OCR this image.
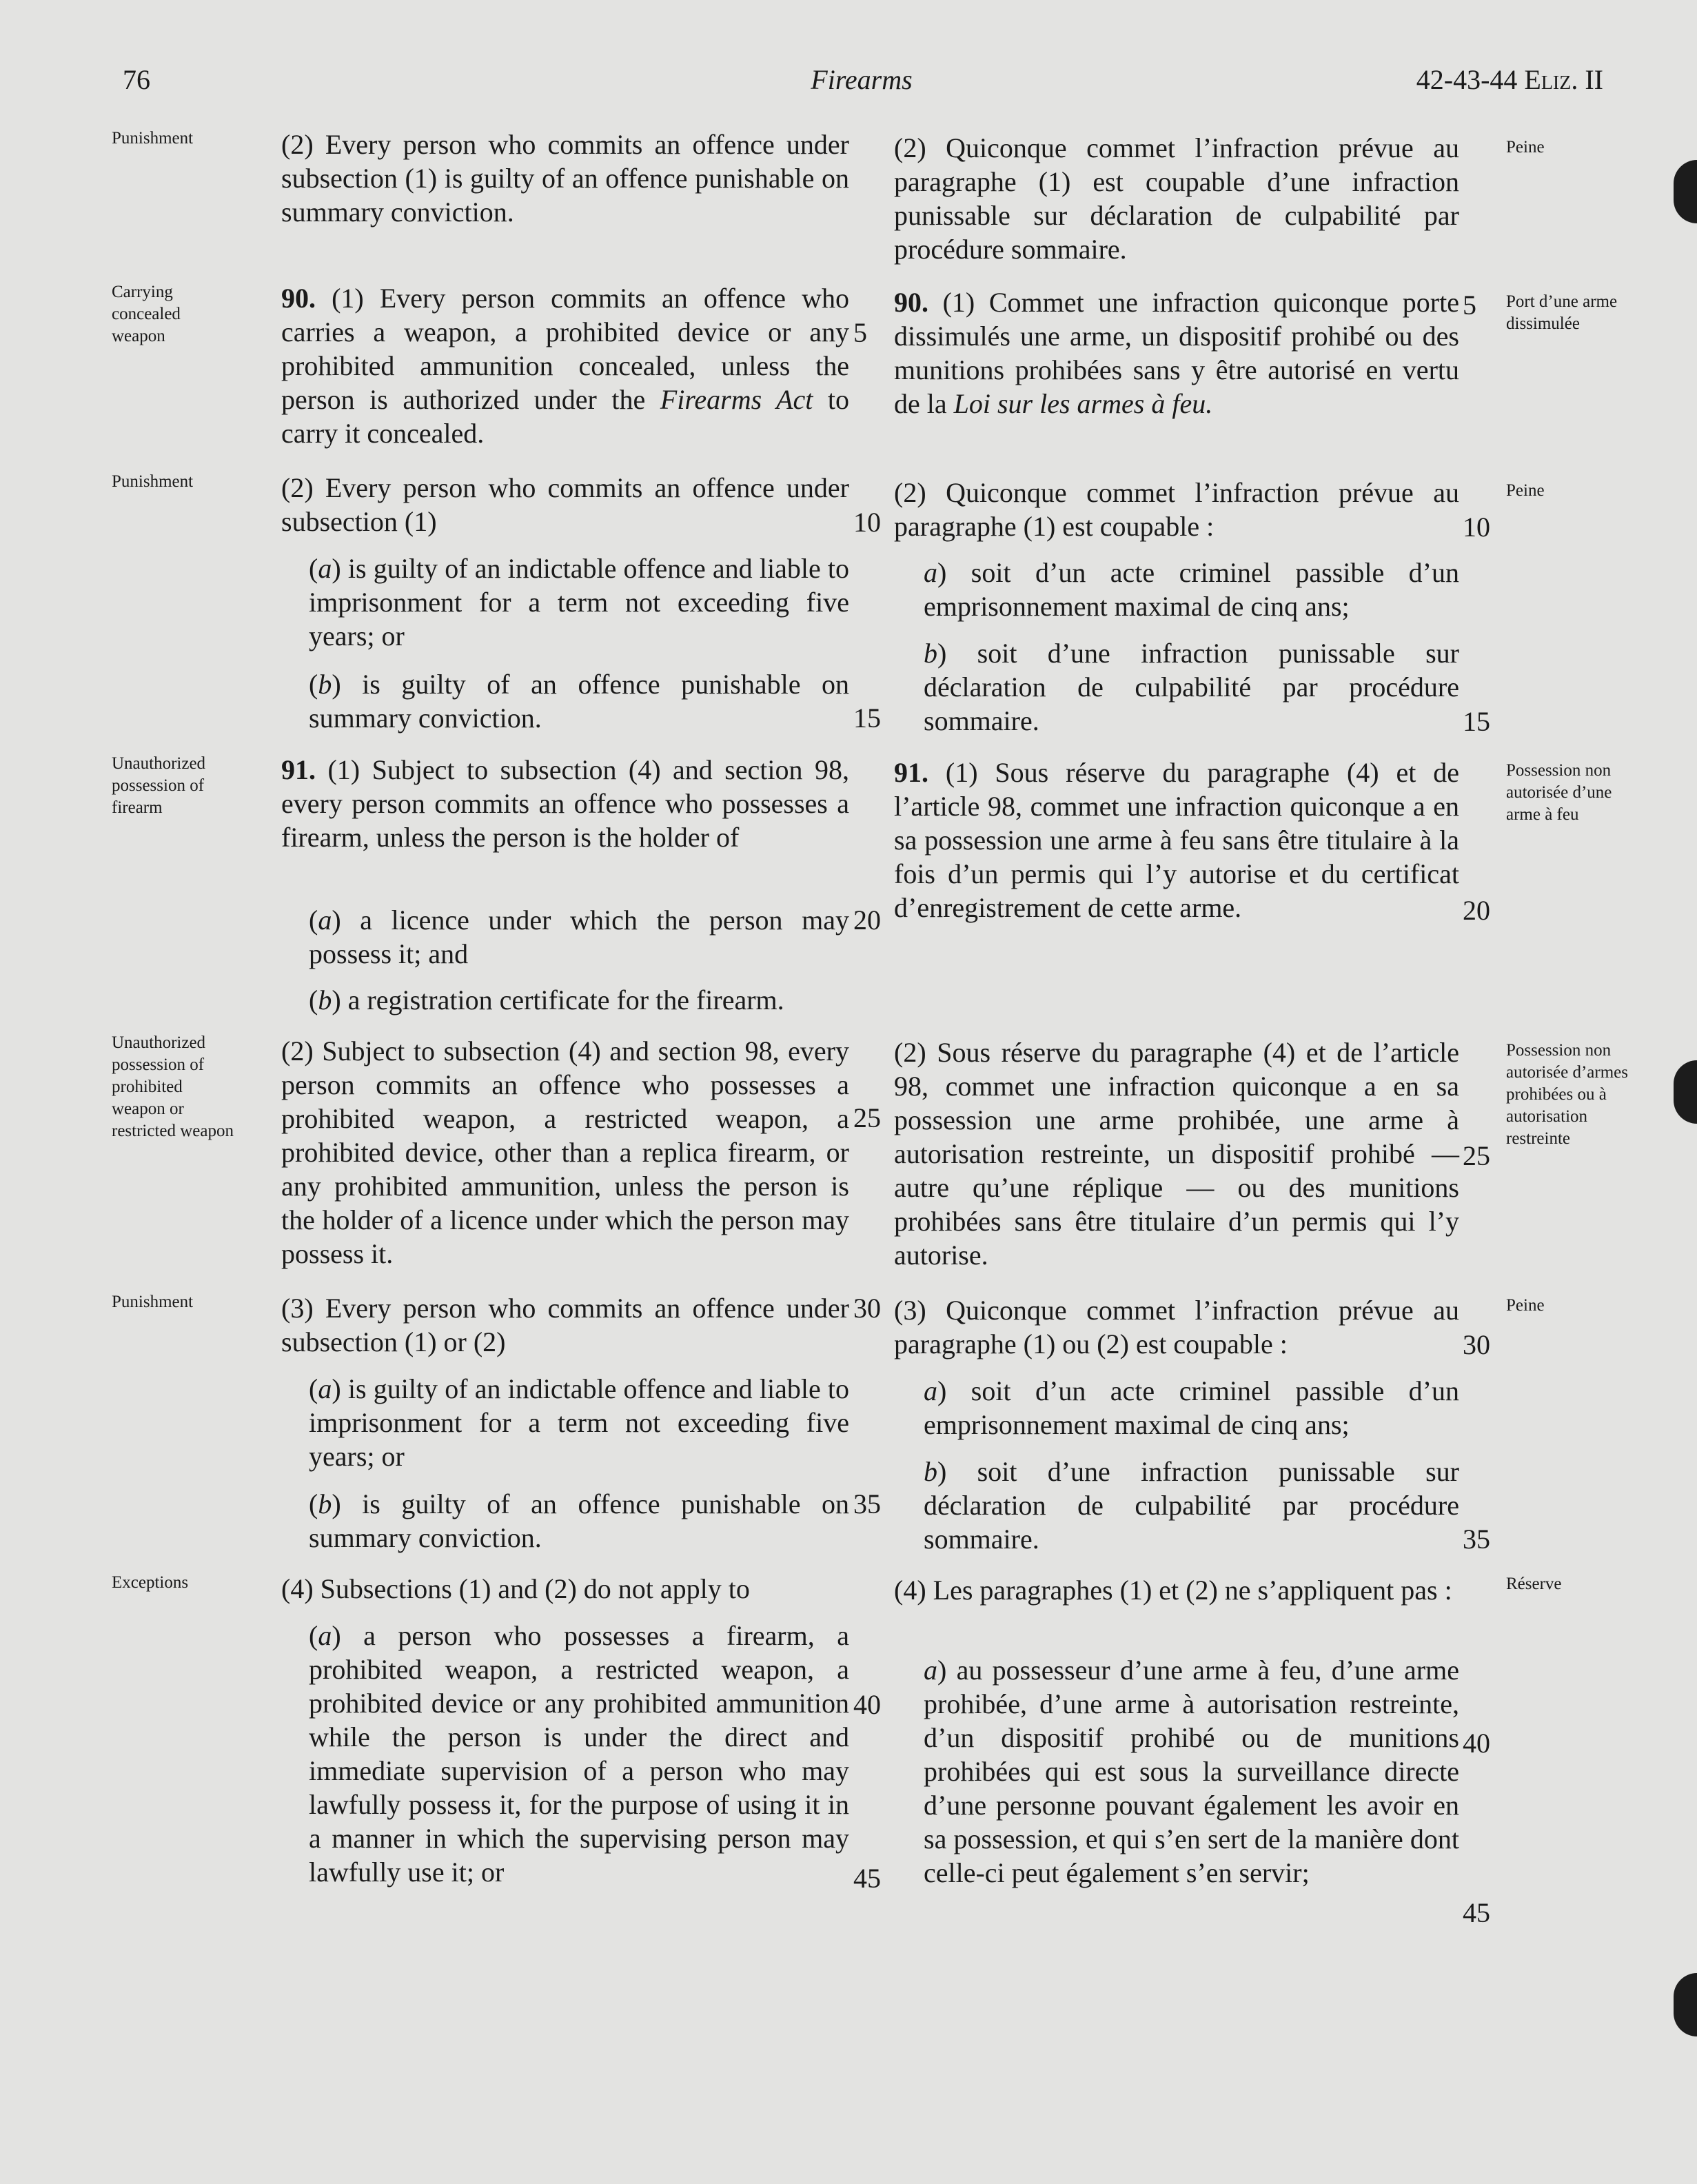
76	Firearms	42-43-44 Eliz. II
Punishment
Carrying concealed weapon
Punishment
Unauthorized possession of firearm
Unauthorized possession of prohibited weapon or restricted weapon
Punishment
Exceptions
Peine
Port d’une arme dissimulée
Peine
Possession non autorisée d’une arme à feu
Possession non autorisée d’armes prohibées ou à autorisation restreinte
Peine
Réserve
(2) Every person who commits an offence under subsection (1) is guilty of an offence punishable on summary conviction.
90. (1) Every person commits an offence who carries a weapon, a prohibited device or any prohibited ammunition concealed, unless the person is authorized under the Firearms Act to carry it concealed.
(2) Every person who commits an offence under subsection (1)
(a) is guilty of an indictable offence and liable to imprisonment for a term not exceeding five years; or
(b) is guilty of an offence punishable on summary conviction.
91. (1) Subject to subsection (4) and section 98, every person commits an offence who possesses a firearm, unless the person is the holder of
(a) a licence under which the person may possess it; and
(b) a registration certificate for the firearm.
(2) Subject to subsection (4) and section 98, every person commits an offence who possesses a prohibited weapon, a restricted weapon, a prohibited device, other than a replica firearm, or any prohibited ammunition, unless the person is the holder of a licence under which the person may possess it.
(3) Every person who commits an offence under subsection (1) or (2)
(a) is guilty of an indictable offence and liable to imprisonment for a term not exceeding five years; or
(b) is guilty of an offence punishable on summary conviction.
(4) Subsections (1) and (2) do not apply to
(a) a person who possesses a firearm, a prohibited weapon, a restricted weapon, a prohibited device or any prohibited ammunition while the person is under the direct and immediate supervision of a person who may lawfully possess it, for the purpose of using it in a manner in which the supervising person may lawfully use it; or
5
10
15
20
25
30
35
40
45
(2) Quiconque commet l’infraction prévue au paragraphe (1) est coupable d’une infraction punissable sur déclaration de culpabilité par procédure sommaire.
90. (1) Commet une infraction quiconque porte dissimulés une arme, un dispositif prohibé ou des munitions prohibées sans y être autorisé en vertu de la Loi sur les armes à feu.
(2) Quiconque commet l’infraction prévue au paragraphe (1) est coupable :
a) soit d’un acte criminel passible d’un emprisonnement maximal de cinq ans;
b) soit d’une infraction punissable sur déclaration de culpabilité par procédure sommaire.
91. (1) Sous réserve du paragraphe (4) et de l’article 98, commet une infraction quiconque a en sa possession une arme à feu sans être titulaire à la fois d’un permis qui l’y autorise et du certificat d’enregistrement de cette arme.
(2) Sous réserve du paragraphe (4) et de l’article 98, commet une infraction quiconque a en sa possession une arme prohibée, une arme à autorisation restreinte, un dispositif prohibé — autre qu’une réplique — ou des munitions prohibées sans être titulaire d’un permis qui l’y autorise.
(3) Quiconque commet l’infraction prévue au paragraphe (1) ou (2) est coupable :
a) soit d’un acte criminel passible d’un emprisonnement maximal de cinq ans;
b) soit d’une infraction punissable sur déclaration de culpabilité par procédure sommaire.
(4) Les paragraphes (1) et (2) ne s’appliquent pas :
a) au possesseur d’une arme à feu, d’une arme prohibée, d’une arme à autorisation restreinte, d’un dispositif prohibé ou de munitions prohibées qui est sous la surveillance directe d’une personne pouvant également les avoir en sa possession, et qui s’en sert de la manière dont celle-ci peut également s’en servir;
5
10
15
20
25
30
35
40
45
